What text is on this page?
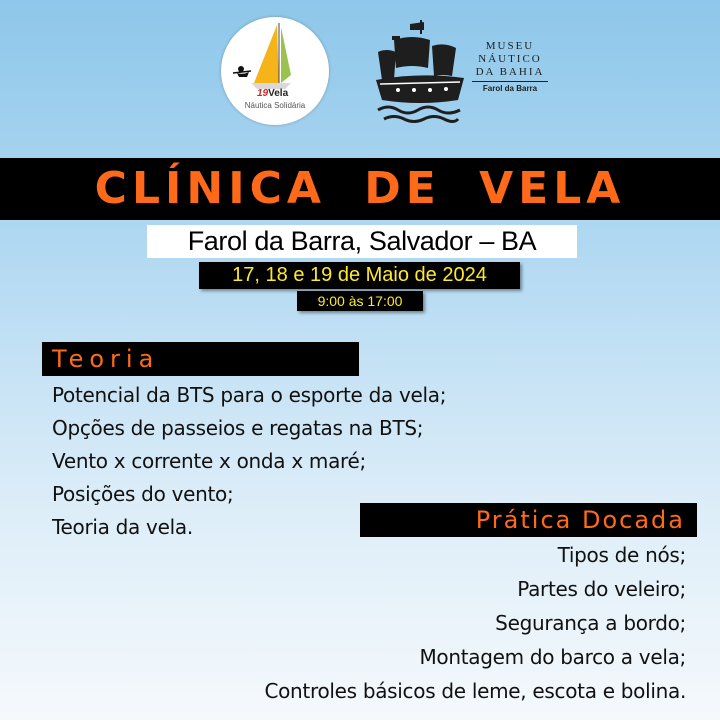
19Vela
Náutica Solidária
MUSEU
NÁUTICO
DA BAHIA
Farol da Barra
CLÍNICA DE VELA
Farol da Barra, Salvador – BA
17, 18 e 19 de Maio de 2024
9:00 às 17:00
Teoria
Potencial da BTS para o esporte da vela;
Opções de passeios e regatas na BTS;
Vento x corrente x onda x maré;
Posições do vento;
Teoria da vela.	Prática Docada
Tipos de nós;
Partes do veleiro;
Segurança a bordo;
Montagem do barco a vela;
Controles básicos de leme, escota e bolina.
